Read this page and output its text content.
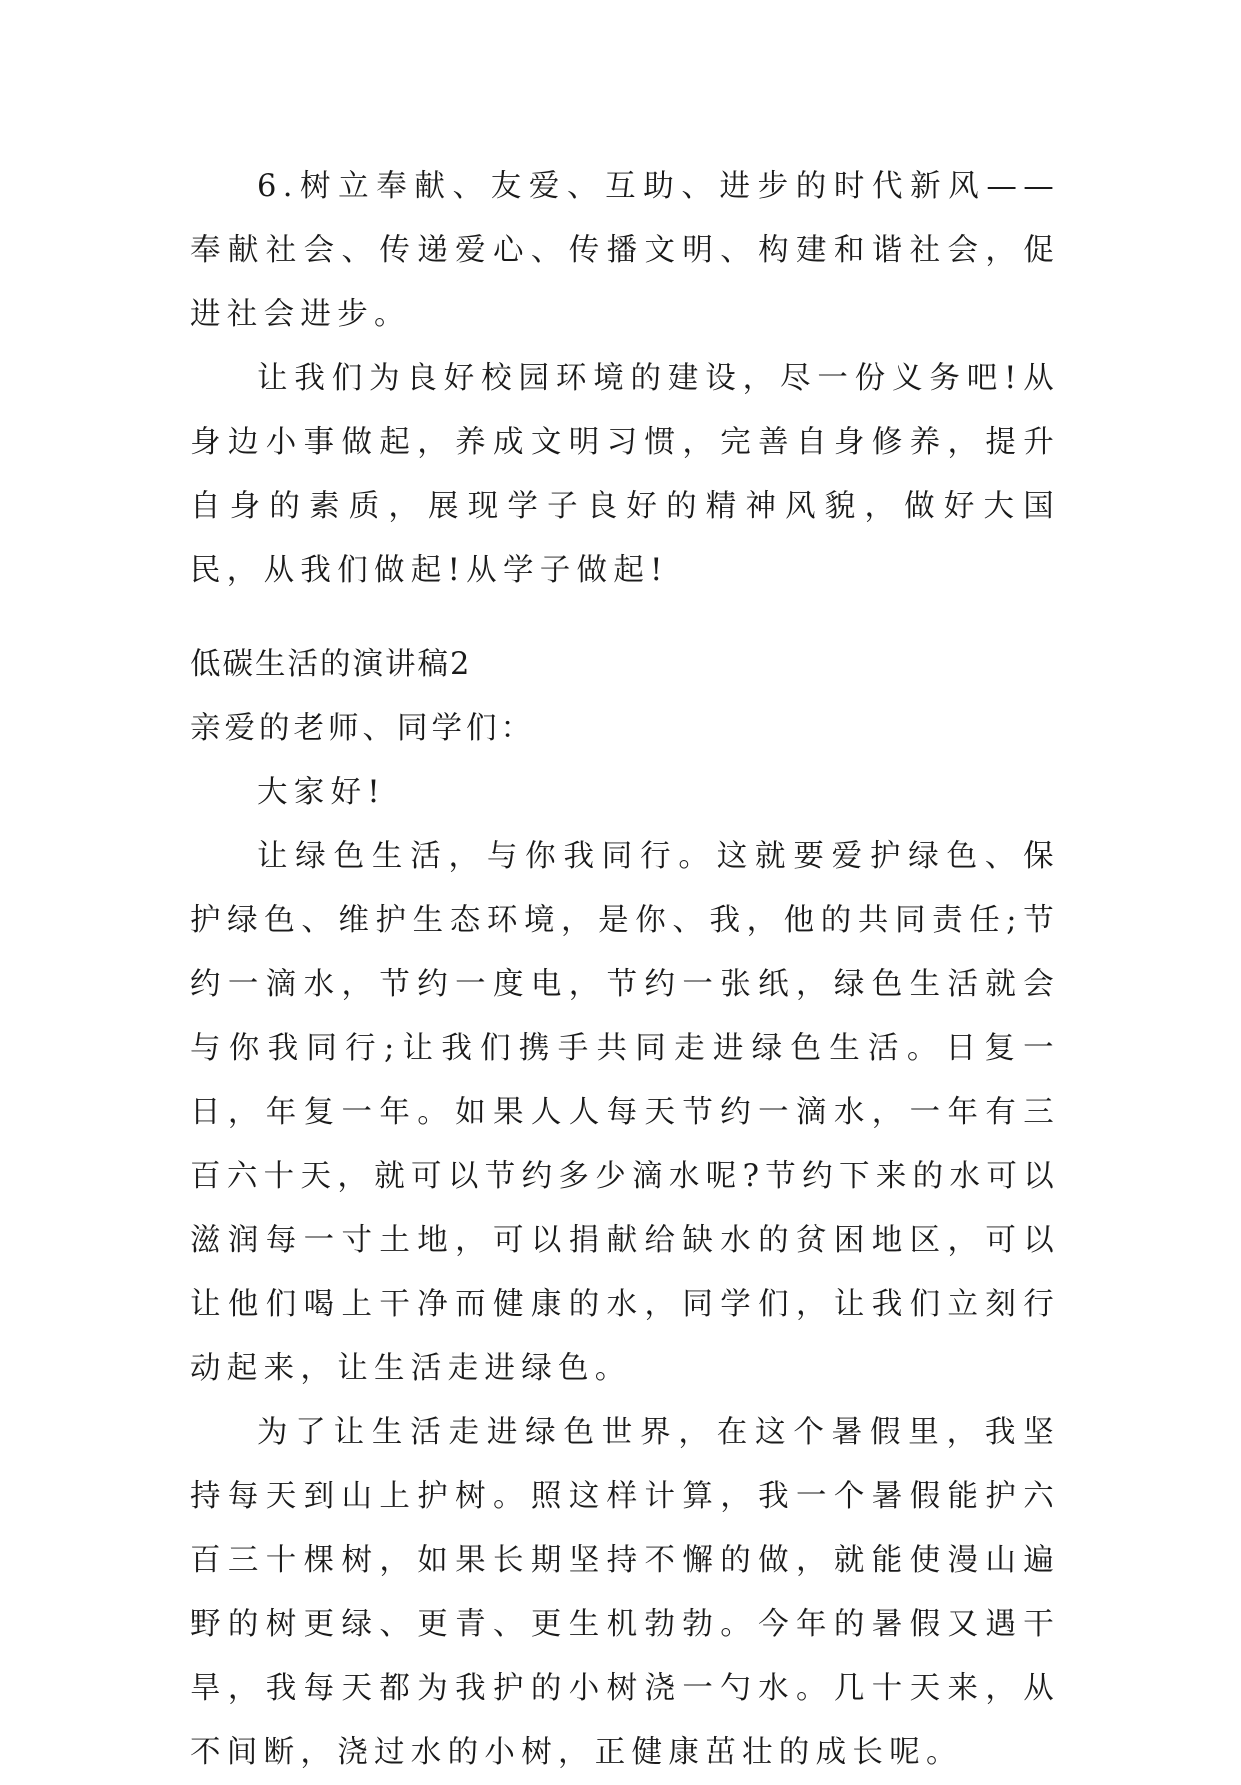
6.树立奉献、友爱、互助、进步的时代新风——奉献社会、传递爱心、传播文明、构建和谐社会，促进社会进步。

让我们为良好校园环境的建设，尽一份义务吧!从身边小事做起，养成文明习惯，完善自身修养，提升自身的素质，展现学子良好的精神风貌，做好大国民，从我们做起!从学子做起!

低碳生活的演讲稿2

亲爱的老师、同学们：

大家好!

让绿色生活，与你我同行。这就要爱护绿色、保护绿色、维护生态环境，是你、我，他的共同责任;节约一滴水，节约一度电，节约一张纸，绿色生活就会与你我同行;让我们携手共同走进绿色生活。日复一日，年复一年。如果人人每天节约一滴水，一年有三百六十天，就可以节约多少滴水呢?节约下来的水可以滋润每一寸土地，可以捐献给缺水的贫困地区，可以让他们喝上干净而健康的水，同学们，让我们立刻行动起来，让生活走进绿色。

为了让生活走进绿色世界，在这个暑假里，我坚持每天到山上护树。照这样计算，我一个暑假能护六百三十棵树，如果长期坚持不懈的做，就能使漫山遍野的树更绿、更青、更生机勃勃。今年的暑假又遇干旱，我每天都为我护的小树浇一勺水。几十天来，从不间断，浇过水的小树，正健康茁壮的成长呢。
